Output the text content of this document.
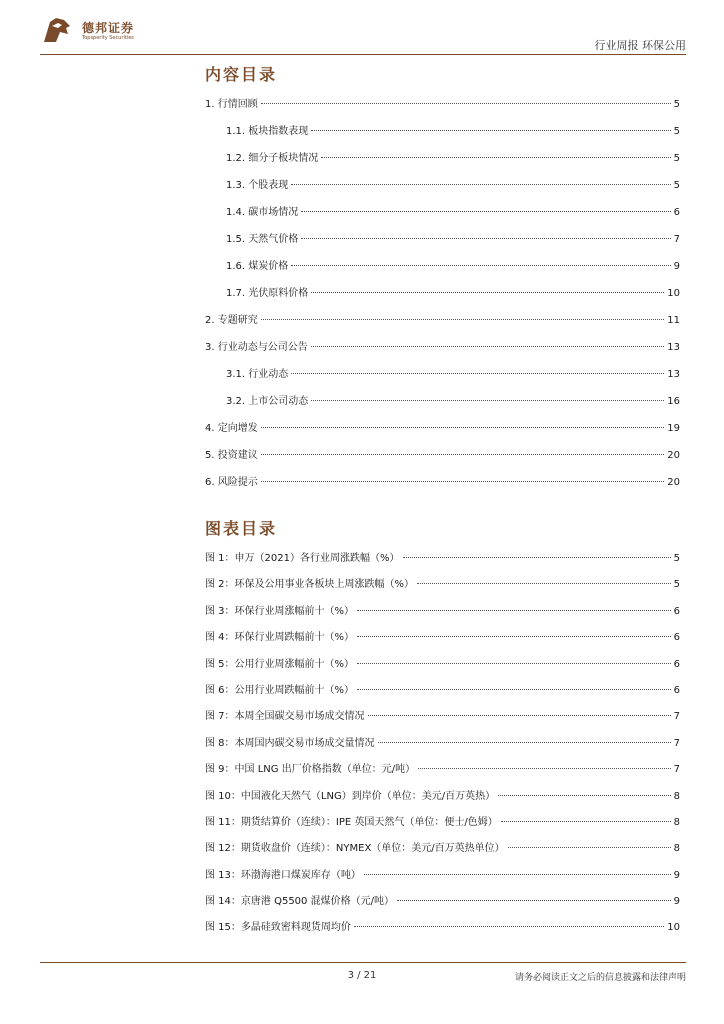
德邦证券
Topsperity Securities
行业周报 环保公用
内容目录
1. 行情回顾	5
1.1. 板块指数表现	5
1.2. 细分子板块情况	5
1.3. 个股表现	5
1.4. 碳市场情况	6
1.5. 天然气价格	7
1.6. 煤炭价格	9
1.7. 光伏原料价格	10
2. 专题研究	11
3. 行业动态与公司公告	13
3.1. 行业动态	13
3.2. 上市公司动态	16
4. 定向增发	19
5. 投资建议	20
6. 风险提示	20
图表目录
图 1：申万（2021）各行业周涨跌幅（%）	5
图 2：环保及公用事业各板块上周涨跌幅（%）	5
图 3：环保行业周涨幅前十（%）	6
图 4：环保行业周跌幅前十（%）	6
图 5：公用行业周涨幅前十（%）	6
图 6：公用行业周跌幅前十（%）	6
图 7：本周全国碳交易市场成交情况	7
图 8：本周国内碳交易市场成交量情况	7
图 9：中国 LNG 出厂价格指数（单位：元/吨）	7
图 10：中国液化天然气（LNG）到岸价（单位：美元/百万英热）	8
图 11：期货结算价（连续）：IPE 英国天然气（单位：便士/色姆）	8
图 12：期货收盘价（连续）：NYMEX（单位：美元/百万英热单位）	8
图 13：环渤海港口煤炭库存（吨）	9
图 14：京唐港 Q5500 混煤价格（元/吨）	9
图 15：多晶硅致密料现货周均价	10
3 / 21	请务必阅读正文之后的信息披露和法律声明
